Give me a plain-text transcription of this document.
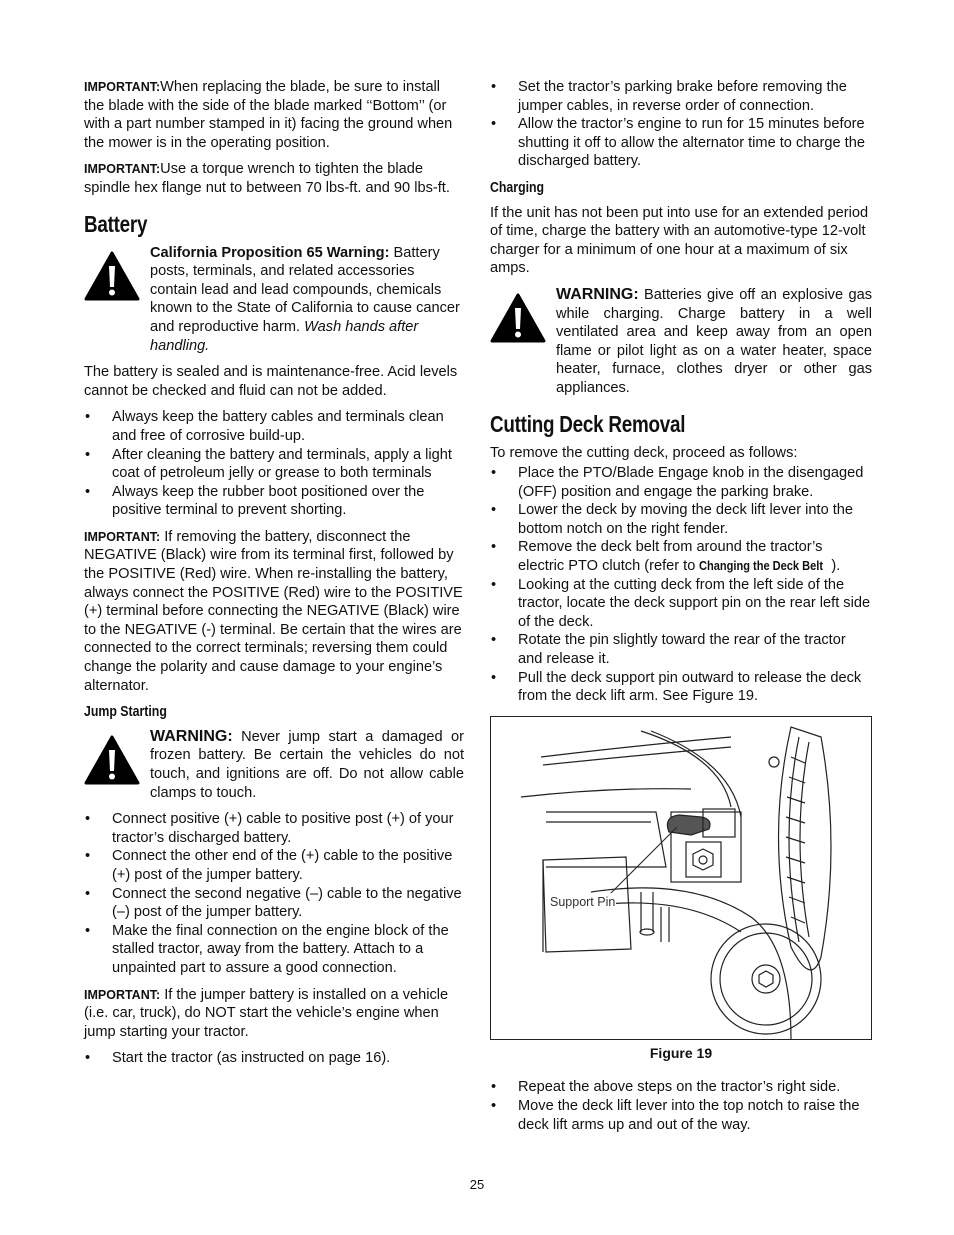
IMPORTANT:When replacing the blade, be sure to install the blade with the side of the blade marked ‘‘Bottom’’ (or with a part number stamped in it) facing the ground when the mower is in the operating position.

IMPORTANT:Use a torque wrench to tighten the blade spindle hex flange nut to between 70 lbs-ft. and 90 lbs-ft.

Battery
California Proposition 65 Warning: Battery posts, terminals, and related accessories contain lead and lead compounds, chemicals known to the State of California to cause cancer and reproductive harm. Wash hands after handling.

The battery is sealed and is maintenance-free. Acid levels cannot be checked and fluid can not be added.

• Always keep the battery cables and terminals clean and free of corrosive build-up.
• After cleaning the battery and terminals, apply a light coat of petroleum jelly or grease to both terminals
• Always keep the rubber boot positioned over the positive terminal to prevent shorting.

IMPORTANT: If removing the battery, disconnect the NEGATIVE (Black) wire from its terminal first, followed by the POSITIVE (Red) wire. When re-installing the battery, always connect the POSITIVE (Red) wire to the POSITIVE (+) terminal before connecting the NEGATIVE (Black) wire to the NEGATIVE (-) terminal. Be certain that the wires are connected to the correct terminals; reversing them could change the polarity and cause damage to your engine’s alternator.

Jump Starting
WARNING: Never jump start a damaged or frozen battery. Be certain the vehicles do not touch, and ignitions are off. Do not allow cable clamps to touch.
• Connect positive (+) cable to positive post (+) of your tractor’s discharged battery.
• Connect the other end of the (+) cable to the positive (+) post of the jumper battery.
• Connect the second negative (–) cable to the negative (–) post of the jumper battery.
• Make the final connection on the engine block of the stalled tractor, away from the battery. Attach to a unpainted part to assure a good connection.

IMPORTANT: If the jumper battery is installed on a vehicle (i.e. car, truck), do NOT start the vehicle’s engine when jump starting your tractor.

• Start the tractor (as instructed on page 16).
• Set the tractor’s parking brake before removing the jumper cables, in reverse order of connection.
• Allow the tractor’s engine to run for 15 minutes before shutting it off to allow the alternator time to charge the discharged battery.
Charging

If the unit has not been put into use for an extended period of time, charge the battery with an automotive-type 12-volt charger for a minimum of one hour at a maximum of six amps.

WARNING: Batteries give off an explosive gas while charging. Charge battery in a well ventilated area and keep away from an open flame or pilot light as on a water heater, space heater, furnace, clothes dryer or other gas appliances.
Cutting Deck Removal

To remove the cutting deck, proceed as follows:

• Place the PTO/Blade Engage knob in the disengaged (OFF) position and engage the parking brake.
• Lower the deck by moving the deck lift lever into the bottom notch on the right fender.
• Remove the deck belt from around the tractor’s electric PTO clutch (refer to Changing the Deck Belt ).
• Looking at the cutting deck from the left side of the tractor, locate the deck support pin on the rear left side of the deck.
• Rotate the pin slightly toward the rear of the tractor and release it.
• Pull the deck support pin outward to release the deck from the deck lift arm. See Figure 19.
Support Pin
Figure 19
• Repeat the above steps on the tractor’s right side.
• Move the deck lift lever into the top notch to raise the deck lift arms up and out of the way.
25
